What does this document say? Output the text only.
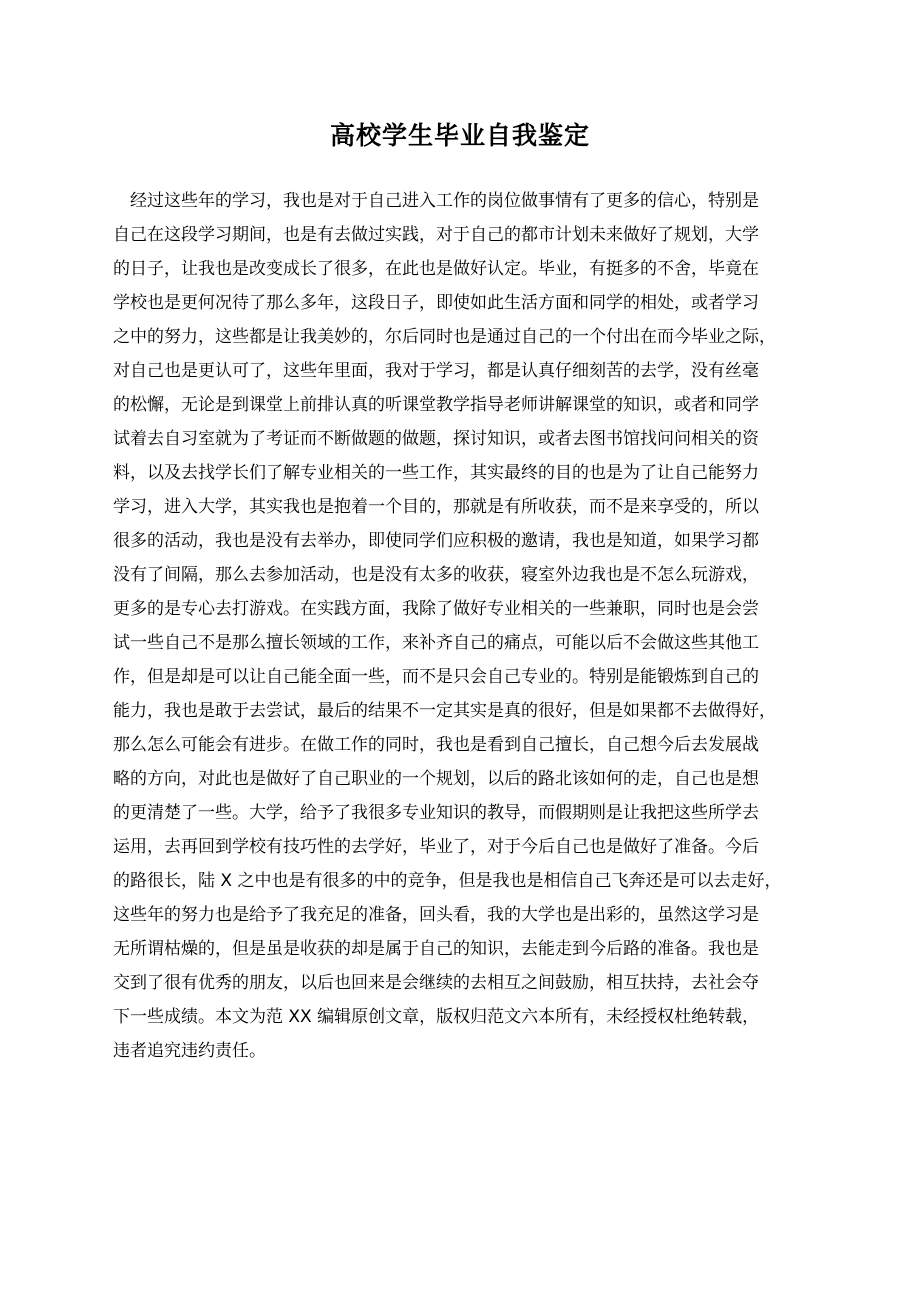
高校学生毕业自我鉴定
　经过这些年的学习，我也是对于自己进入工作的岗位做事情有了更多的信心，特别是
自己在这段学习期间，也是有去做过实践，对于自己的都市计划未来做好了规划，大学
的日子，让我也是改变成长了很多，在此也是做好认定。毕业，有挺多的不舍，毕竟在
学校也是更何况待了那么多年，这段日子，即使如此生活方面和同学的相处，或者学习
之中的努力，这些都是让我美妙的，尔后同时也是通过自己的一个付出在而今毕业之际，
对自己也是更认可了，这些年里面，我对于学习，都是认真仔细刻苦的去学，没有丝毫
的松懈，无论是到课堂上前排认真的听课堂教学指导老师讲解课堂的知识，或者和同学
试着去自习室就为了考证而不断做题的做题，探讨知识，或者去图书馆找问问相关的资
料，以及去找学长们了解专业相关的一些工作，其实最终的目的也是为了让自己能努力
学习，进入大学，其实我也是抱着一个目的，那就是有所收获，而不是来享受的，所以
很多的活动，我也是没有去举办，即使同学们应积极的邀请，我也是知道，如果学习都
没有了间隔，那么去参加活动，也是没有太多的收获，寝室外边我也是不怎么玩游戏，
更多的是专心去打游戏。在实践方面，我除了做好专业相关的一些兼职，同时也是会尝
试一些自己不是那么擅长领域的工作，来补齐自己的痛点，可能以后不会做这些其他工
作，但是却是可以让自己能全面一些，而不是只会自己专业的。特别是能锻炼到自己的
能力，我也是敢于去尝试，最后的结果不一定其实是真的很好，但是如果都不去做得好，
那么怎么可能会有进步。在做工作的同时，我也是看到自己擅长，自己想今后去发展战
略的方向，对此也是做好了自己职业的一个规划，以后的路北该如何的走，自己也是想
的更清楚了一些。大学，给予了我很多专业知识的教导，而假期则是让我把这些所学去
运用，去再回到学校有技巧性的去学好，毕业了，对于今后自己也是做好了准备。今后
的路很长，陆 X 之中也是有很多的中的竞争，但是我也是相信自己飞奔还是可以去走好，
这些年的努力也是给予了我充足的准备，回头看，我的大学也是出彩的，虽然这学习是
无所谓枯燥的，但是虽是收获的却是属于自己的知识，去能走到今后路的准备。我也是
交到了很有优秀的朋友，以后也回来是会继续的去相互之间鼓励，相互扶持，去社会夺
下一些成绩。本文为范 XX 编辑原创文章，版权归范文六本所有，未经授权杜绝转载，
违者追究违约责任。
